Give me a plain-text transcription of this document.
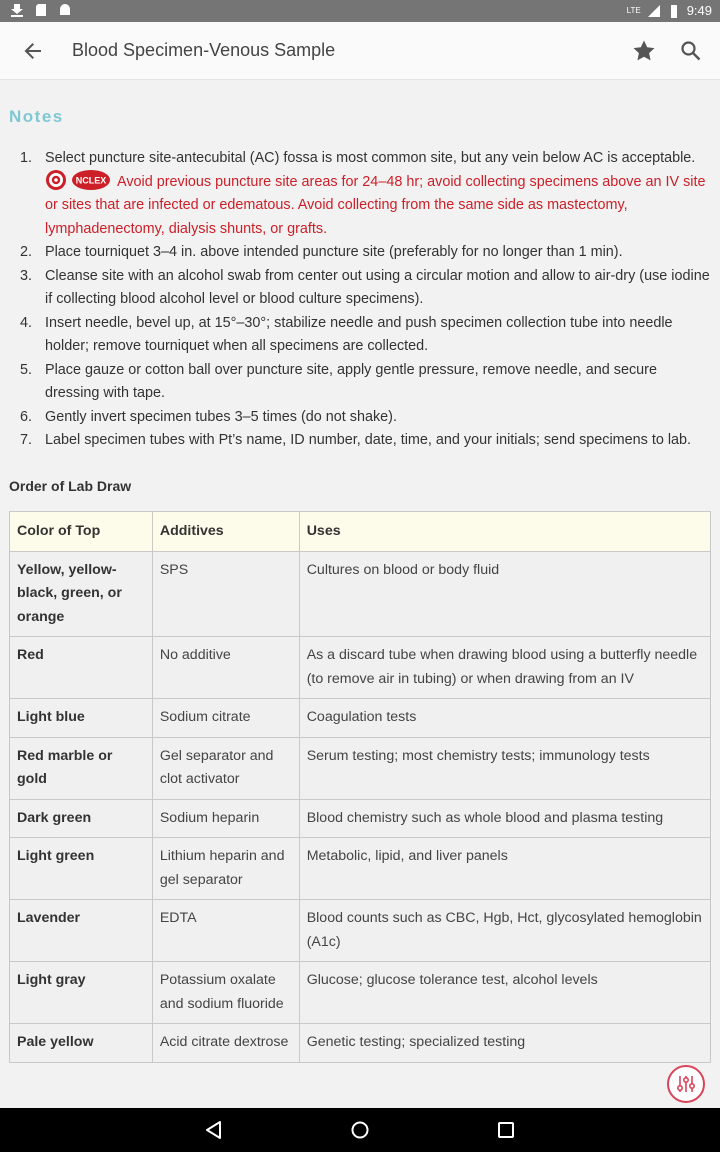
LTE	9:49
Blood Specimen-Venous Sample
Notes
1. Select puncture site-antecubital (AC) fossa is most common site, but any vein below AC is acceptable.

NCLEX Avoid previous puncture site areas for 24–48 hr; avoid collecting specimens above an IV site or sites that are infected or edematous. Avoid collecting from the same side as mastectomy, lymphadenectomy, dialysis shunts, or grafts.
2. Place tourniquet 3–4 in. above intended puncture site (preferably for no longer than 1 min).
3. Cleanse site with an alcohol swab from center out using a circular motion and allow to air-dry (use iodine if collecting blood alcohol level or blood culture specimens).
4. Insert needle, bevel up, at 15°–30°; stabilize needle and push specimen collection tube into needle holder; remove tourniquet when all specimens are collected.
5. Place gauze or cotton ball over puncture site, apply gentle pressure, remove needle, and secure dressing with tape.
6. Gently invert specimen tubes 3–5 times (do not shake).
7. Label specimen tubes with Pt’s name, ID number, date, time, and your initials; send specimens to lab.
Order of Lab Draw
Color of Top	Additives	Uses
Yellow, yellow-black, green, or orange	SPS	Cultures on blood or body fluid
Red	No additive	As a discard tube when drawing blood using a butterfly needle (to remove air in tubing) or when drawing from an IV
Light blue	Sodium citrate	Coagulation tests
Red marble or gold	Gel separator and clot activator	Serum testing; most chemistry tests; immunology tests
Dark green	Sodium heparin	Blood chemistry such as whole blood and plasma testing
Light green	Lithium heparin and gel separator	Metabolic, lipid, and liver panels
Lavender	EDTA	Blood counts such as CBC, Hgb, Hct, glycosylated hemoglobin (A1c)
Light gray	Potassium oxalate and sodium fluoride	Glucose; glucose tolerance test, alcohol levels
Pale yellow	Acid citrate dextrose	Genetic testing; specialized testing
